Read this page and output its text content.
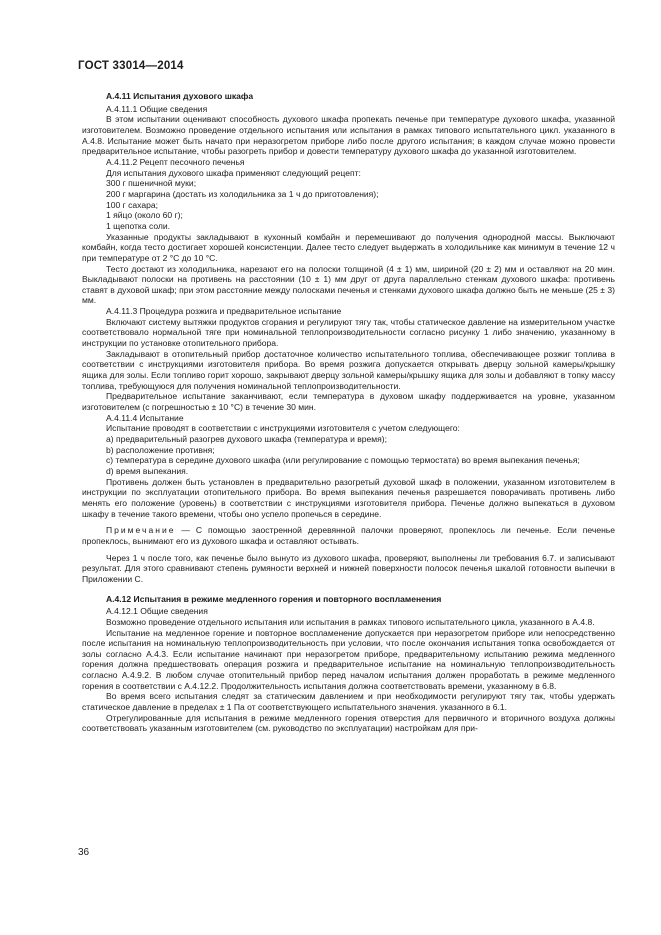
ГОСТ 33014—2014

А.4.11 Испытания духового шкафа

А.4.11.1 Общие сведения

В этом испытании оценивают способность духового шкафа пропекать печенье при температуре духового шкафа, указанной изготовителем. Возможно проведение отдельного испытания или испытания в рамках типового испытательного цикл. указанного в А.4.8. Испытание может быть начато при неразогретом приборе либо после другого испытания; в каждом случае можно провести предварительное испытание, чтобы разогреть прибор и довести температуру духового шкафа до указанной изготовителем.

А.4.11.2 Рецепт песочного печенья

Для испытания духового шкафа применяют следующий рецепт:

300 г пшеничной муки;

200 г маргарина (достать из холодильника за 1 ч до приготовления);

100 г сахара;

1 яйцо (около 60 г);

1 щепотка соли.

Указанные продукты закладывают в кухонный комбайн и перемешивают до получения однородной массы. Выключают комбайн, когда тесто достигает хорошей консистенции. Далее тесто следует выдержать в холодильнике как минимум в течение 12 ч при температуре от 2 °С до 10 °С.

Тесто достают из холодильника, нарезают его на полоски толщиной (4 ± 1) мм, шириной (20 ± 2) мм и оставляют на 20 мин. Выкладывают полоски на противень на расстоянии (10 ± 1) мм друг от друга параллельно стенкам духового шкафа: противень ставят в духовой шкаф; при этом расстояние между полосками печенья и стенками духового шкафа должно быть не меньше (25 ± 3) мм.

А.4.11.3 Процедура розжига и предварительное испытание

Включают систему вытяжки продуктов сгорания и регулируют тягу так, чтобы статическое давление на измерительном участке соответствовало нормальной тяге при номинальной теплопроизводительности согласно рисунку 1 либо значению, указанному в инструкции по установке отопительного прибора.

Закладывают в отопительный прибор достаточное количество испытательного топлива, обеспечивающее розжиг топлива в соответствии с инструкциями изготовителя прибора. Во время розжига допускается открывать дверцу зольной камеры/крышку ящика для золы. Если топливо горит хорошо, закрывают дверцу зольной камеры/крышку ящика для золы и добавляют в топку массу топлива, требующуюся для получения номинальной теплопроизводительности.

Предварительное испытание заканчивают, если температура в духовом шкафу поддерживается на уровне, указанном изготовителем (с погрешностью ± 10 °С) в течение 30 мин.

А.4.11.4 Испытание

Испытание проводят в соответствии с инструкциями изготовителя с учетом следующего:

a) предварительный разогрев духового шкафа (температура и время);

b) расположение противня;

c) температура в середине духового шкафа (или регулирование с помощью термостата) во время выпекания печенья;

d) время выпекания.

Противень должен быть установлен в предварительно разогретый духовой шкаф в положении, указанном изготовителем в инструкции по эксплуатации отопительного прибора. Во время выпекания печенья разрешается поворачивать противень либо менять его положение (уровень) в соответствии с инструкциями изготовителя прибора. Печенье должно выпекаться в духовом шкафу в течение такого времени, чтобы оно успело пропечься в середине.

Примечание — С помощью заостренной деревянной палочки проверяют, пропеклось ли печенье. Если печенье пропеклось, вынимают его из духового шкафа и оставляют остывать.

Через 1 ч после того, как печенье было вынуто из духового шкафа, проверяют, выполнены ли требования 6.7. и записывают результат. Для этого сравнивают степень румяности верхней и нижней поверхности полосок печенья шкалой готовности выпечки в Приложении С.

А.4.12 Испытания в режиме медленного горения и повторного воспламенения

А.4.12.1 Общие сведения

Возможно проведение отдельного испытания или испытания в рамках типового испытательного цикла, указанного в А.4.8.

Испытание на медленное горение и повторное воспламенение допускается при неразогретом приборе или непосредственно после испытания на номинальную теплопроизводительность при условии, что после окончания испытания топка освобождается от золы согласно А.4.3. Если испытание начинают при неразогретом приборе, предварительному испытанию режима медленного горения должна предшествовать операция розжига и предварительное испытание на номинальную теплопроизводительность согласно А.4.9.2. В любом случае отопительный прибор перед началом испытания должен проработать в режиме медленного горения в соответствии с А.4.12.2. Продолжительность испытания должна соответствовать времени, указанному в 6.8.

Во время всего испытания следят за статическим давлением и при необходимости регулируют тягу так, чтобы удержать статическое давление в пределах ± 1 Па от соответствующего испытательного значения. указанного в 6.1.

Отрегулированные для испытания в режиме медленного горения отверстия для первичного и вторичного воздуха должны соответствовать указанным изготовителем (см. руководство по эксплуатации) настройкам для при-

36
